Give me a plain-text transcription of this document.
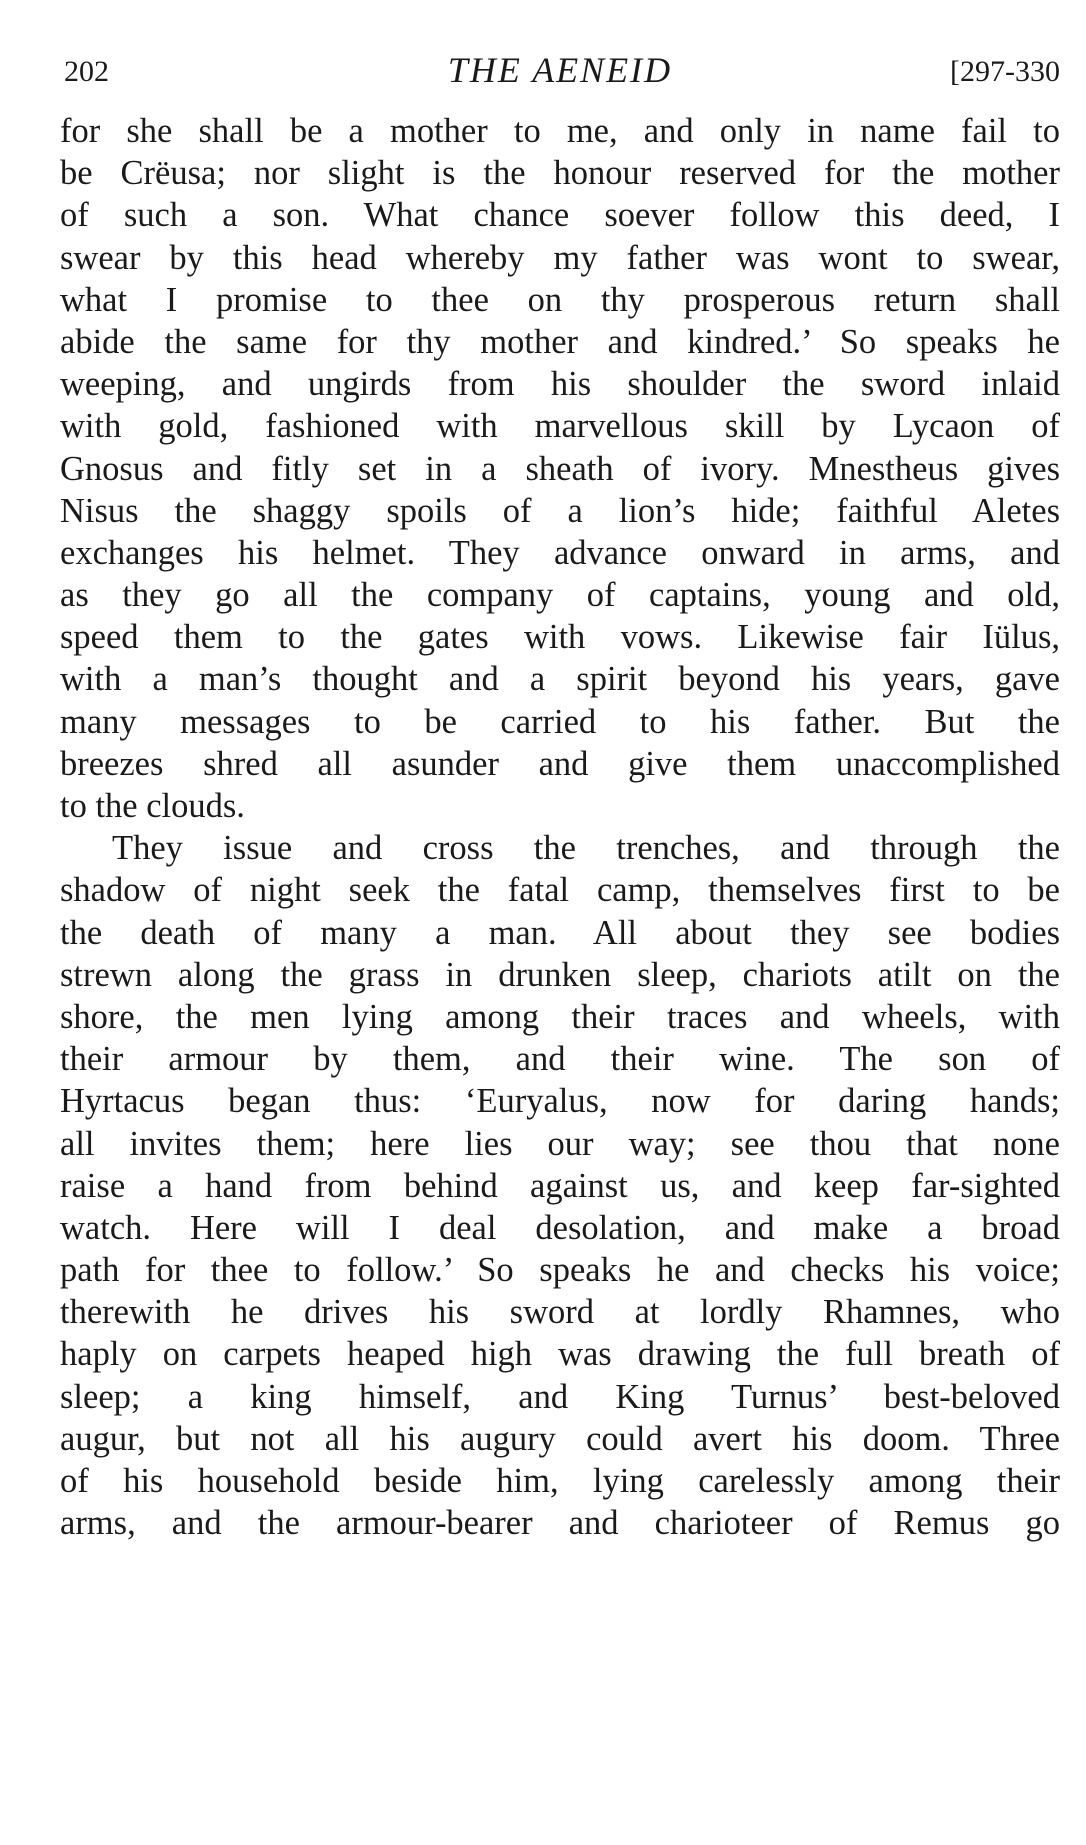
202	THE AENEID	[297-330
for she shall be a mother to me, and only in name fail to
be Crëusa; nor slight is the honour reserved for the mother
of such a son. What chance soever follow this deed, I
swear by this head whereby my father was wont to swear,
what I promise to thee on thy prosperous return shall
abide the same for thy mother and kindred.’ So speaks he
weeping, and ungirds from his shoulder the sword inlaid
with gold, fashioned with marvellous skill by Lycaon of
Gnosus and fitly set in a sheath of ivory. Mnestheus gives
Nisus the shaggy spoils of a lion’s hide; faithful Aletes
exchanges his helmet. They advance onward in arms, and
as they go all the company of captains, young and old,
speed them to the gates with vows. Likewise fair Iülus,
with a man’s thought and a spirit beyond his years, gave
many messages to be carried to his father. But the
breezes shred all asunder and give them unaccomplished
to the clouds.
They issue and cross the trenches, and through the
shadow of night seek the fatal camp, themselves first to be
the death of many a man. All about they see bodies
strewn along the grass in drunken sleep, chariots atilt on the
shore, the men lying among their traces and wheels, with
their armour by them, and their wine. The son of
Hyrtacus began thus: ‘Euryalus, now for daring hands;
all invites them; here lies our way; see thou that none
raise a hand from behind against us, and keep far-sighted
watch. Here will I deal desolation, and make a broad
path for thee to follow.’ So speaks he and checks his voice;
therewith he drives his sword at lordly Rhamnes, who
haply on carpets heaped high was drawing the full breath of
sleep; a king himself, and King Turnus’ best-beloved
augur, but not all his augury could avert his doom. Three
of his household beside him, lying carelessly among their
arms, and the armour-bearer and charioteer of Remus go
